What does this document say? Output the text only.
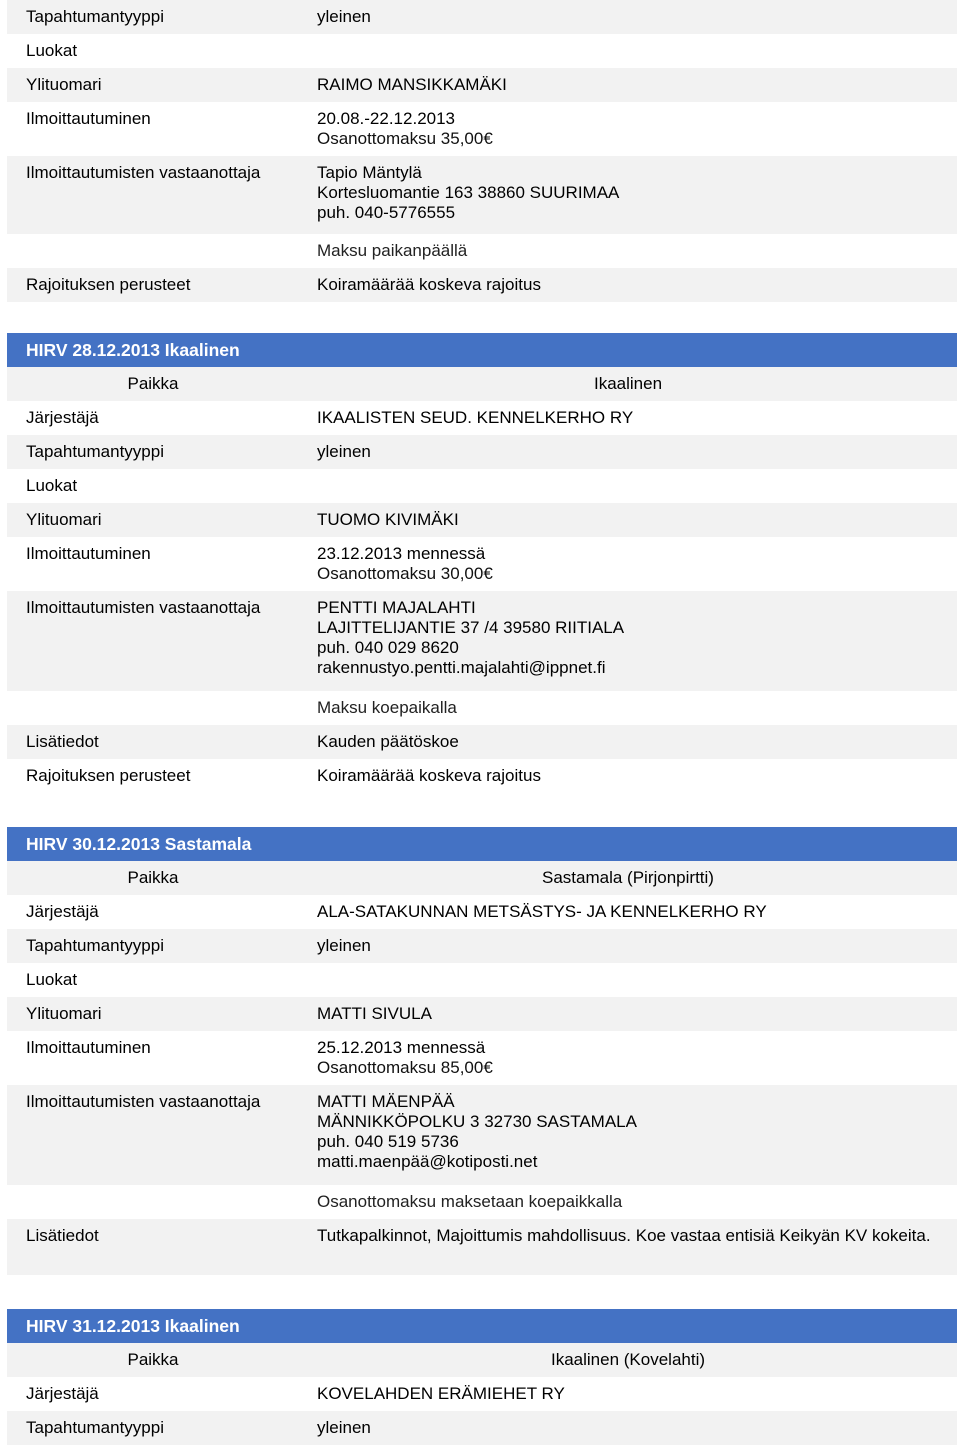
Tapahtumantyyppi	yleinen
Luokat
Ylituomari	RAIMO MANSIKKAMÄKI
Ilmoittautuminen	20.08.-22.12.2013
Osanottomaksu 35,00€
Ilmoittautumisten vastaanottaja	Tapio Mäntylä
Kortesluomantie 163 38860 SUURIMAA
puh. 040-5776555
Maksu paikanpäällä
Rajoituksen perusteet	Koiramäärää koskeva rajoitus
HIRV 28.12.2013 Ikaalinen
Paikka	Ikaalinen
Järjestäjä	IKAALISTEN SEUD. KENNELKERHO RY
Tapahtumantyyppi	yleinen
Luokat
Ylituomari	TUOMO KIVIMÄKI
Ilmoittautuminen	23.12.2013 mennessä
Osanottomaksu 30,00€
Ilmoittautumisten vastaanottaja	PENTTI MAJALAHTI
LAJITTELIJANTIE 37 /4 39580 RIITIALA
puh. 040 029 8620
rakennustyo.pentti.majalahti@ippnet.fi
Maksu koepaikalla
Lisätiedot	Kauden päätöskoe
Rajoituksen perusteet	Koiramäärää koskeva rajoitus
HIRV 30.12.2013 Sastamala
Paikka	Sastamala (Pirjonpirtti)
Järjestäjä	ALA-SATAKUNNAN METSÄSTYS- JA KENNELKERHO RY
Tapahtumantyyppi	yleinen
Luokat
Ylituomari	MATTI SIVULA
Ilmoittautuminen	25.12.2013 mennessä
Osanottomaksu 85,00€
Ilmoittautumisten vastaanottaja	MATTI MÄENPÄÄ
MÄNNIKKÖPOLKU 3 32730 SASTAMALA
puh. 040 519 5736
matti.maenpää@kotiposti.net
Osanottomaksu maksetaan koepaikkalla
Lisätiedot	Tutkapalkinnot, Majoittumis mahdollisuus. Koe vastaa entisiä Keikyän KV kokeita.
HIRV 31.12.2013 Ikaalinen
Paikka	Ikaalinen (Kovelahti)
Järjestäjä	KOVELAHDEN ERÄMIEHET RY
Tapahtumantyyppi	yleinen
